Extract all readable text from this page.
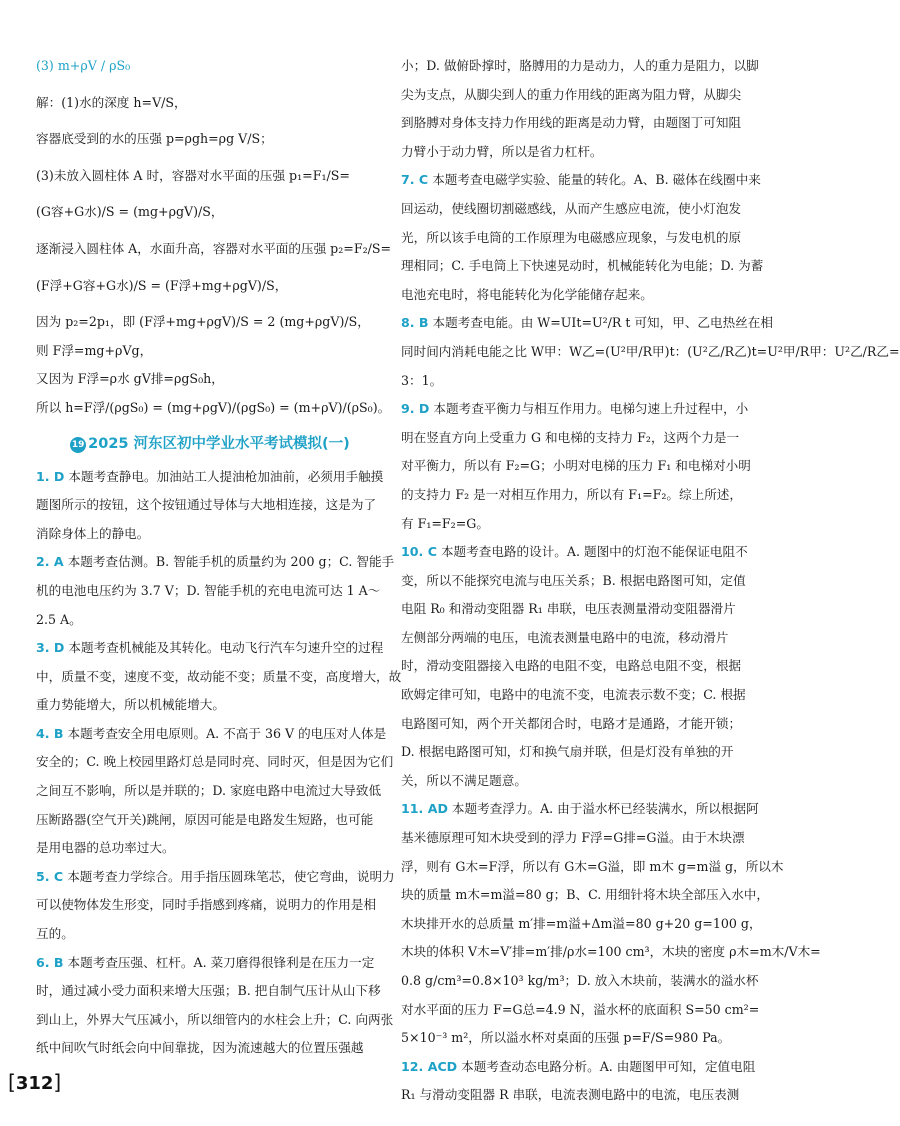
(3) m+ρV / ρS₀
解：(1)水的深度 h=V/S，
容器底受到的水的压强 p=ρgh=ρg V/S；
(3)未放入圆柱体 A 时，容器对水平面的压强 p₁=F₁/S=
(G容+G水)/S = (mg+ρgV)/S，
逐渐浸入圆柱体 A，水面升高，容器对水平面的压强 p₂=F₂/S=
(F浮+G容+G水)/S = (F浮+mg+ρgV)/S，
因为 p₂=2p₁，即 (F浮+mg+ρgV)/S = 2 (mg+ρgV)/S，
则 F浮=mg+ρVg，
又因为 F浮=ρ水 gV排=ρgS₀h，
所以 h=F浮/(ρgS₀) = (mg+ρgV)/(ρgS₀) = (m+ρV)/(ρS₀)。
19 2025 河东区初中学业水平考试模拟(一)
1. D 本题考查静电。加油站工人提油枪加油前，必须用手触摸
题图所示的按钮，这个按钮通过导体与大地相连接，这是为了
消除身体上的静电。
2. A 本题考查估测。B. 智能手机的质量约为 200 g；C. 智能手
机的电池电压约为 3.7 V；D. 智能手机的充电电流可达 1 A～
2.5 A。
3. D 本题考查机械能及其转化。电动飞行汽车匀速升空的过程
中，质量不变，速度不变，故动能不变；质量不变，高度增大，故
重力势能增大，所以机械能增大。
4. B 本题考查安全用电原则。A. 不高于 36 V 的电压对人体是
安全的；C. 晚上校园里路灯总是同时亮、同时灭，但是因为它们
之间互不影响，所以是并联的；D. 家庭电路中电流过大导致低
压断路器(空气开关)跳闸，原因可能是电路发生短路，也可能
是用电器的总功率过大。
5. C 本题考查力学综合。用手指压圆珠笔芯，使它弯曲，说明力
可以使物体发生形变，同时手指感到疼痛，说明力的作用是相
互的。
6. B 本题考查压强、杠杆。A. 菜刀磨得很锋利是在压力一定
时，通过减小受力面积来增大压强；B. 把自制气压计从山下移
到山上，外界大气压减小，所以细管内的水柱会上升；C. 向两张
纸中间吹气时纸会向中间靠拢，因为流速越大的位置压强越
小；D. 做俯卧撑时，胳膊用的力是动力，人的重力是阻力，以脚
尖为支点，从脚尖到人的重力作用线的距离为阻力臂，从脚尖
到胳膊对身体支持力作用线的距离是动力臂，由题图丁可知阻
力臂小于动力臂，所以是省力杠杆。
7. C 本题考查电磁学实验、能量的转化。A、B. 磁体在线圈中来
回运动，使线圈切割磁感线，从而产生感应电流，使小灯泡发
光，所以该手电筒的工作原理为电磁感应现象，与发电机的原
理相同；C. 手电筒上下快速晃动时，机械能转化为电能；D. 为蓄
电池充电时，将电能转化为化学能储存起来。
8. B 本题考查电能。由 W=UIt=U²/R t 可知，甲、乙电热丝在相
同时间内消耗电能之比 W甲：W乙=(U²甲/R甲)t：(U²乙/R乙)t=U²甲/R甲：U²乙/R乙=
3：1。
9. D 本题考查平衡力与相互作用力。电梯匀速上升过程中，小
明在竖直方向上受重力 G 和电梯的支持力 F₂，这两个力是一
对平衡力，所以有 F₂=G；小明对电梯的压力 F₁ 和电梯对小明
的支持力 F₂ 是一对相互作用力，所以有 F₁=F₂。综上所述，
有 F₁=F₂=G。
10. C 本题考查电路的设计。A. 题图中的灯泡不能保证电阻不
变，所以不能探究电流与电压关系；B. 根据电路图可知，定值
电阻 R₀ 和滑动变阻器 R₁ 串联，电压表测量滑动变阻器滑片
左侧部分两端的电压，电流表测量电路中的电流，移动滑片
时，滑动变阻器接入电路的电阻不变，电路总电阻不变，根据
欧姆定律可知，电路中的电流不变，电流表示数不变；C. 根据
电路图可知，两个开关都闭合时，电路才是通路，才能开锁；
D. 根据电路图可知，灯和换气扇并联，但是灯没有单独的开
关，所以不满足题意。
11. AD 本题考查浮力。A. 由于溢水杯已经装满水，所以根据阿
基米德原理可知木块受到的浮力 F浮=G排=G溢。由于木块漂
浮，则有 G木=F浮，所以有 G木=G溢，即 m木 g=m溢 g，所以木
块的质量 m木=m溢=80 g；B、C. 用细针将木块全部压入水中，
木块排开水的总质量 m′排=m溢+Δm溢=80 g+20 g=100 g，
木块的体积 V木=V′排=m′排/ρ水=100 cm³，木块的密度 ρ木=m木/V木=
0.8 g/cm³=0.8×10³ kg/m³；D. 放入木块前，装满水的溢水杯
对水平面的压力 F=G总=4.9 N，溢水杯的底面积 S=50 cm²=
5×10⁻³ m²，所以溢水杯对桌面的压强 p=F/S=980 Pa。
12. ACD 本题考查动态电路分析。A. 由题图甲可知，定值电阻
R₁ 与滑动变阻器 R 串联，电流表测电路中的电流，电压表测
[312]
